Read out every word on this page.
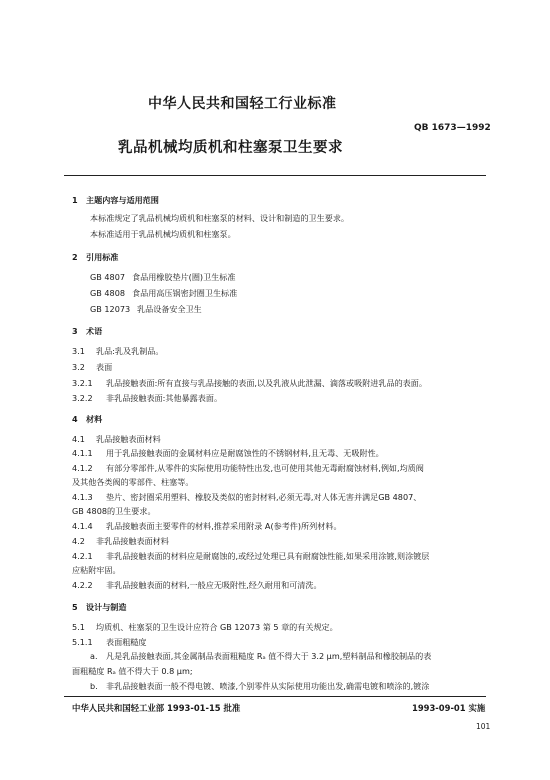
中华人民共和国轻工行业标准
QB 1673—1992
乳品机械均质机和柱塞泵卫生要求
1 主题内容与适用范围
本标准规定了乳品机械均质机和柱塞泵的材料、设计和制造的卫生要求。
本标准适用于乳品机械均质机和柱塞泵。
2 引用标准
GB 4807 食品用橡胶垫片(圈)卫生标准
GB 4808 食品用高压锅密封圈卫生标准
GB 12073 乳品设备安全卫生
3 术语
3.1 乳品:乳及乳制品。
3.2 表面
3.2.1 乳品接触表面:所有直接与乳品接触的表面,以及乳液从此泄漏、滴落或吸附进乳品的表面。
3.2.2 非乳品接触表面:其他暴露表面。
4 材料
4.1 乳品接触表面材料
4.1.1 用于乳品接触表面的金属材料应是耐腐蚀性的不锈钢材料,且无毒、无吸附性。
4.1.2 有部分零部件,从零件的实际使用功能特性出发,也可使用其他无毒耐腐蚀材料,例如,均质阀
及其他各类阀的零部件、柱塞等。
4.1.3 垫片、密封圈采用塑料、橡胶及类似的密封材料,必须无毒,对人体无害并满足GB 4807、
GB 4808的卫生要求。
4.1.4 乳品接触表面主要零件的材料,推荐采用附录 A(参考件)所列材料。
4.2 非乳品接触表面材料
4.2.1 非乳品接触表面的材料应是耐腐蚀的,或经过处理已具有耐腐蚀性能,如果采用涂镀,则涂镀层
应粘附牢固。
4.2.2 非乳品接触表面的材料,一般应无吸附性,经久耐用和可清洗。
5 设计与制造
5.1 均质机、柱塞泵的卫生设计应符合 GB 12073 第 5 章的有关规定。
5.1.1 表面粗糙度
a. 凡是乳品接触表面,其金属制品表面粗糙度 Rₐ 值不得大于 3.2 μm,塑料制品和橡胶制品的表
面粗糙度 Rₐ 值不得大于 0.8 μm;
b. 非乳品接触表面一般不得电镀、喷漆,个别零件从实际使用功能出发,确需电镀和喷涂的,镀涂
中华人民共和国轻工业部 1993-01-15 批准	1993-09-01 实施
101
